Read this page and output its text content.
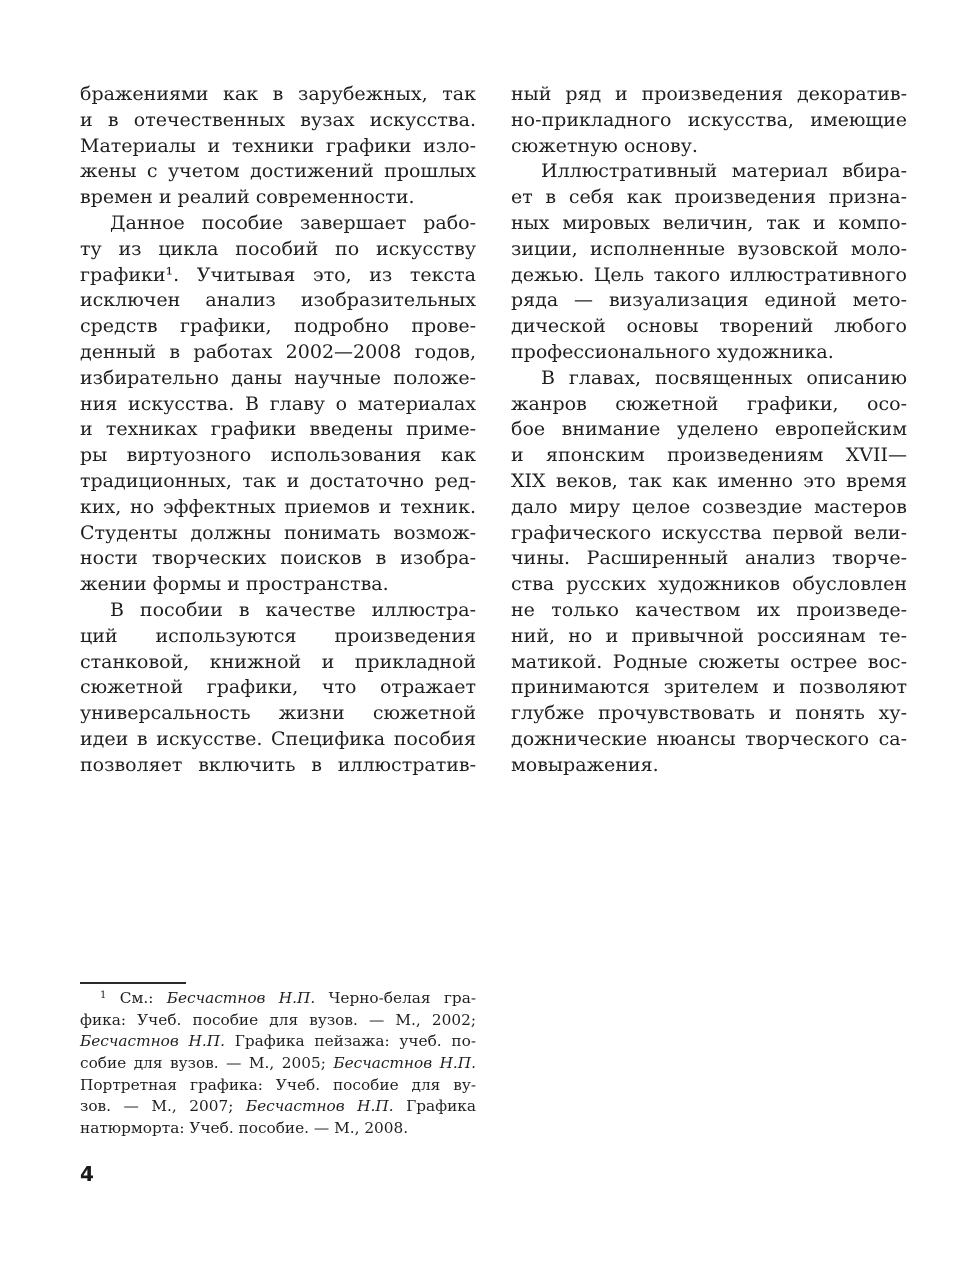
бражениями как в зарубежных, так
и в отечественных вузах искусства.
Материалы и техники графики изло-
жены с учетом достижений прошлых
времен и реалий современности.
Данное пособие завершает рабо-
ту из цикла пособий по искусству
графики¹. Учитывая это, из текста
исключен анализ изобразительных
средств графики, подробно прове-
денный в работах 2002—2008 годов,
избирательно даны научные положе-
ния искусства. В главу о материалах
и техниках графики введены приме-
ры виртуозного использования как
традиционных, так и достаточно ред-
ких, но эффектных приемов и техник.
Студенты должны понимать возмож-
ности творческих поисков в изобра-
жении формы и пространства.
В пособии в качестве иллюстра-
ций используются произведения
станковой, книжной и прикладной
сюжетной графики, что отражает
универсальность жизни сюжетной
идеи в искусстве. Специфика пособия
позволяет включить в иллюстратив-
ный ряд и произведения декоратив-
но-прикладного искусства, имеющие
сюжетную основу.
Иллюстративный материал вбира-
ет в себя как произведения призна-
ных мировых величин, так и компо-
зиции, исполненные вузовской моло-
дежью. Цель такого иллюстративного
ряда — визуализация единой мето-
дической основы творений любого
профессионального художника.
В главах, посвященных описанию
жанров сюжетной графики, осо-
бое внимание уделено европейским
и японским произведениям XVII—
XIX веков, так как именно это время
дало миру целое созвездие мастеров
графического искусства первой вели-
чины. Расширенный анализ творче-
ства русских художников обусловлен
не только качеством их произведе-
ний, но и привычной россиянам те-
матикой. Родные сюжеты острее вос-
принимаются зрителем и позволяют
глубже прочувствовать и понять ху-
дожнические нюансы творческого са-
мовыражения.
$^1$ См.: Бесчастнов Н.П. Черно-белая гра-
фика: Учеб. пособие для вузов. — М., 2002;
Бесчастнов Н.П. Графика пейзажа: учеб. по-
собие для вузов. — М., 2005; Бесчастнов Н.П.
Портретная графика: Учеб. пособие для ву-
зов. — М., 2007; Бесчастнов Н.П. Графика
натюрморта: Учеб. пособие. — М., 2008.
4
